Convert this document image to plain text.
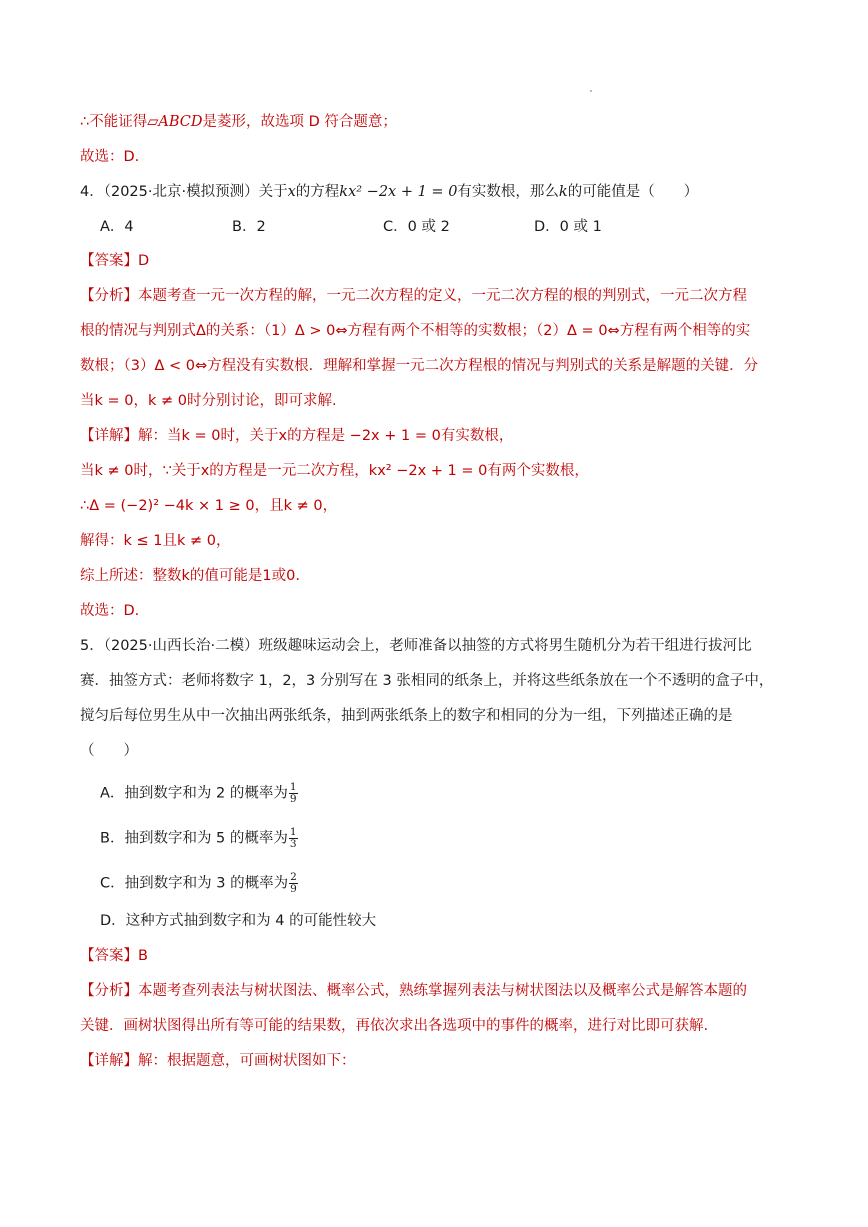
∴不能证得▱ABCD是菱形，故选项 D 符合题意；
故选：D.
4．（2025·北京·模拟预测）关于x的方程kx² −2x + 1 = 0有实数根，那么k的可能值是（　　）
A．4	B．2	C．0 或 2	D．0 或 1
【答案】D
【分析】本题考查一元一次方程的解，一元二次方程的定义，一元二次方程的根的判别式，一元二次方程
根的情况与判别式Δ的关系：（1）Δ > 0⇔方程有两个不相等的实数根；（2）Δ = 0⇔方程有两个相等的实
数根；（3）Δ < 0⇔方程没有实数根．理解和掌握一元二次方程根的情况与判别式的关系是解题的关键．分
当k = 0，k ≠ 0时分别讨论，即可求解.
【详解】解：当k = 0时，关于x的方程是 −2x + 1 = 0有实数根，
当k ≠ 0时，∵关于x的方程是一元二次方程，kx² −2x + 1 = 0有两个实数根，
∴Δ = (−2)² −4k × 1 ≥ 0，且k ≠ 0，
解得：k ≤ 1且k ≠ 0，
综上所述：整数k的值可能是1或0.
故选：D.
5．（2025·山西长治·二模）班级趣味运动会上，老师准备以抽签的方式将男生随机分为若干组进行拔河比
赛．抽签方式：老师将数字 1，2，3 分别写在 3 张相同的纸条上，并将这些纸条放在一个不透明的盒子中，
搅匀后每位男生从中一次抽出两张纸条，抽到两张纸条上的数字和相同的分为一组，下列描述正确的是
（　　）
A．抽到数字和为 2 的概率为 $\frac{1}{9}$
B．抽到数字和为 5 的概率为 $\frac{1}{3}$
C．抽到数字和为 3 的概率为 $\frac{2}{9}$
D．这种方式抽到数字和为 4 的可能性较大
【答案】B
【分析】本题考查列表法与树状图法、概率公式，熟练掌握列表法与树状图法以及概率公式是解答本题的
关键．画树状图得出所有等可能的结果数，再依次求出各选项中的事件的概率，进行对比即可获解.
【详解】解：根据题意，可画树状图如下：
